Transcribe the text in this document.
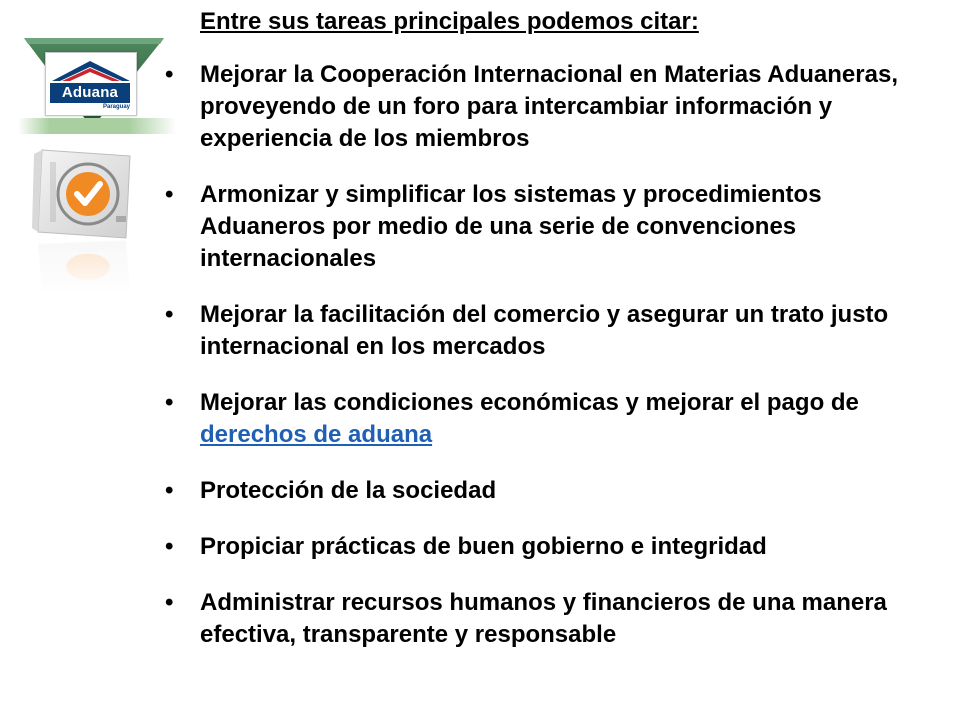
Aduana
Paraguay
Entre sus tareas principales podemos citar:
• Mejorar la Cooperación Internacional en Materias Aduaneras, proveyendo de un foro para intercambiar información y experiencia de los miembros
• Armonizar y simplificar los sistemas y procedimientos Aduaneros por medio de una serie de convenciones internacionales
• Mejorar la facilitación del comercio y asegurar un trato justo internacional en los mercados
• Mejorar las condiciones económicas y mejorar el pago de derechos de aduana
• Protección de la sociedad
• Propiciar prácticas de buen gobierno e integridad
• Administrar recursos humanos y financieros de una manera efectiva, transparente y responsable
